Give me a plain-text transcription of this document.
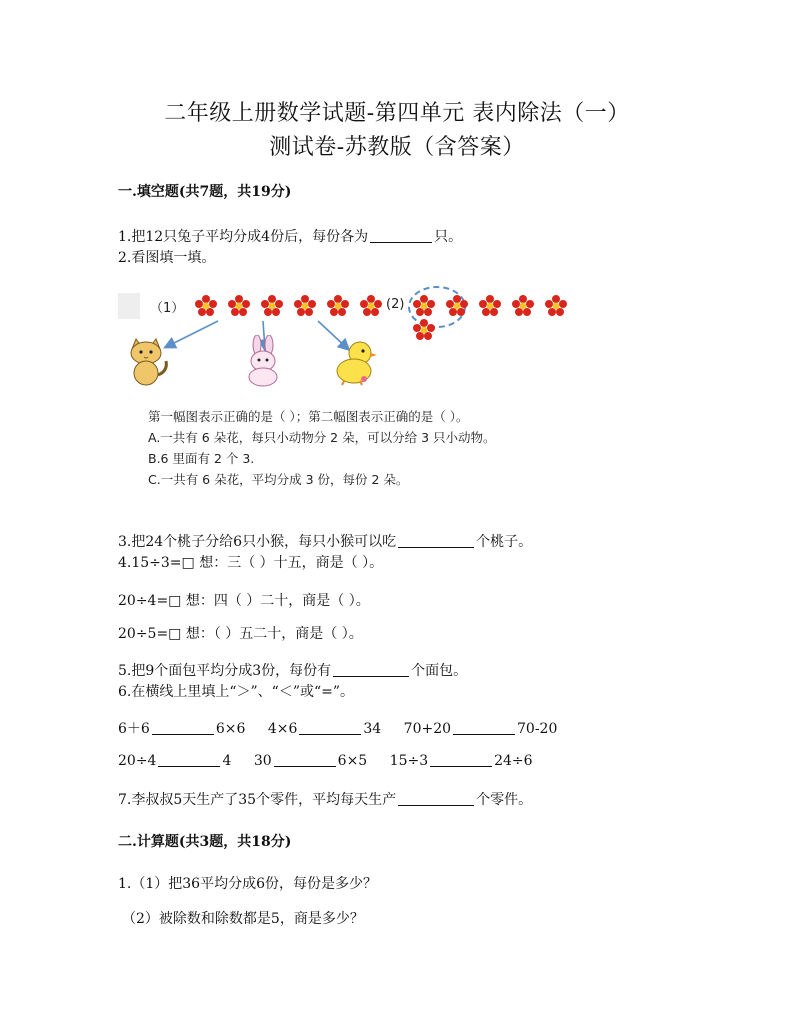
二年级上册数学试题-第四单元 表内除法（一）
测试卷-苏教版（含答案）
一.填空题(共7题，共19分)
1.把12只兔子平均分成4份后，每份各为	只。
2.看图填一填。
（1）
	(2)

第一幅图表示正确的是（ ）；第二幅图表示正确的是（ ）。
A.一共有 6 朵花，每只小动物分 2 朵，可以分给 3 只小动物。
B.6 里面有 2 个 3.
C.一共有 6 朵花，平均分成 3 份，每份 2 朵。
3.把24个桃子分给6只小猴，每只小猴可以吃	个桃子。
4.15÷3=□ 想：三（ ）十五，商是（ ）。
20÷4=□ 想：四（ ）二十，商是（ ）。
20÷5=□ 想：（ ）五二十，商是（ ）。
5.把9个面包平均分成3份，每份有	个面包。
6.在横线上里填上“＞”、“＜”或“=”。
6＋6	6×6 4×6	34 70+20	70-20
20÷4	4 30	6×5 15÷3	24÷6
7.李叔叔5天生产了35个零件，平均每天生产	个零件。
二.计算题(共3题，共18分)
1.（1）把36平均分成6份，每份是多少？
（2）被除数和除数都是5，商是多少？
